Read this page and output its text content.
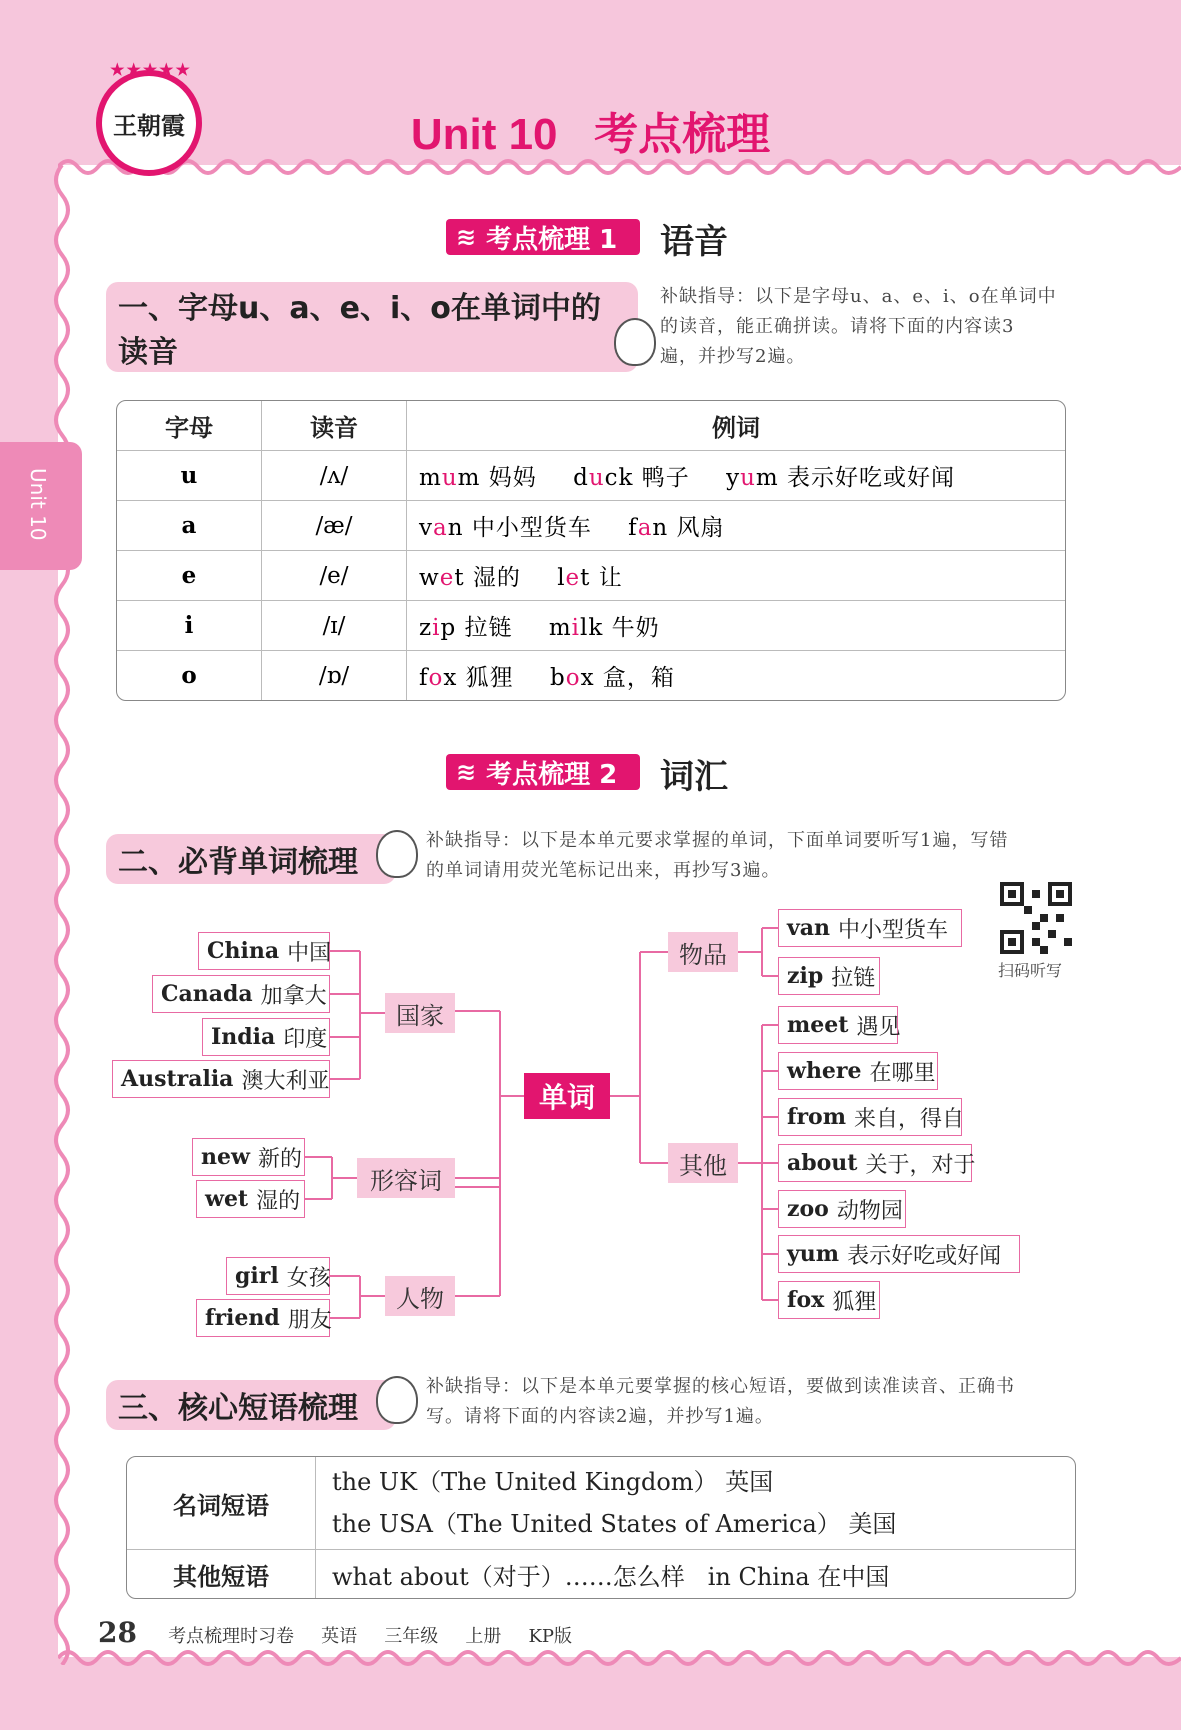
★★★★★
王朝霞	Unit 10   考点梳理
Unit 10
≋ 考点梳理 1 语音
一、字母u、a、e、i、o在单词中的读音
补缺指导：以下是字母u、a、e、i、o在单词中
的读音，能正确拼读。请将下面的内容读3
遍，并抄写2遍。
字母	读音	例词
u	/ʌ/	mum 妈妈 duck 鸭子 yum 表示好吃或好闻
a	/æ/	van 中小型货车 fan 风扇
e	/e/	wet 湿的 let 让
i	/ɪ/	zip 拉链 milk 牛奶
o	/ɒ/	fox 狐狸 box 盒，箱
≋ 考点梳理 2 词汇
二、必背单词梳理
补缺指导：以下是本单元要求掌握的单词，下面单词要听写1遍，写错
的单词请用荧光笔标记出来，再抄写3遍。
扫码听写
单词
国家
形容词
人物
物品
其他
China 中国
Canada 加拿大
India 印度
Australia 澳大利亚
new 新的
wet 湿的
girl 女孩
friend 朋友
van 中小型货车
zip 拉链
meet 遇见
where 在哪里
from 来自，得自
about 关于，对于
zoo 动物园
yum 表示好吃或好闻
fox 狐狸
三、核心短语梳理
补缺指导：以下是本单元要掌握的核心短语，要做到读准读音、正确书
写。请将下面的内容读2遍，并抄写1遍。
名词短语	the UK（The United Kingdom） 英国
the USA（The United States of America） 美国

其他短语	what about（对于）……怎么样   in China 在中国
28 考点梳理时习卷 英语 三年级 上册 KP版
